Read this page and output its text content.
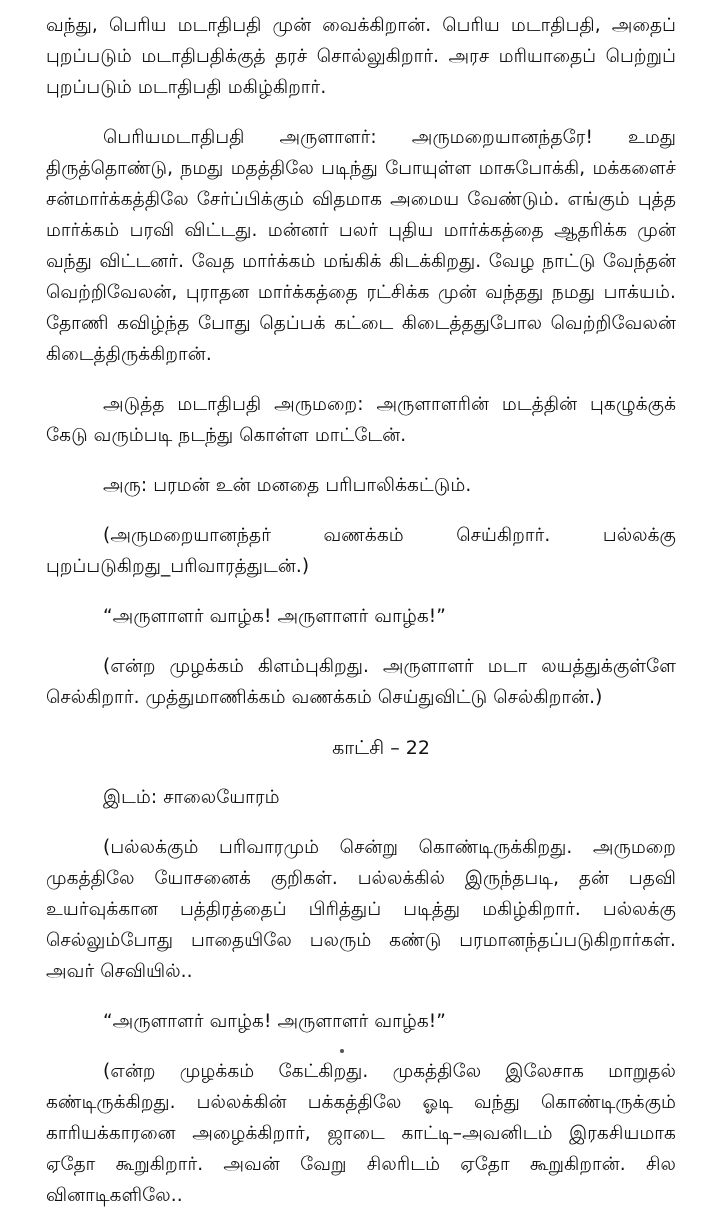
வந்து, பெரிய மடாதிபதி முன் வைக்கிறான். பெரிய மடாதிபதி, அதைப் புறப்படும் மடாதிபதிக்குத் தரச் சொல்லுகிறார். அரச மரியாதைப் பெற்றுப் புறப்படும் மடாதிபதி மகிழ்கிறார்.

பெரியமடாதிபதி அருளாளர்: அருமறையானந்தரே! உமது திருத்தொண்டு, நமது மதத்திலே படிந்து போயுள்ள மாசுபோக்கி, மக்களைச் சன்மார்க்கத்திலே சேர்ப்பிக்கும் விதமாக அமைய வேண்டும். எங்கும் புத்த மார்க்கம் பரவி விட்டது. மன்னர் பலர் புதிய மார்க்கத்தை ஆதரிக்க முன் வந்து விட்டனர். வேத மார்க்கம் மங்கிக் கிடக்கிறது. வேழ நாட்டு வேந்தன் வெற்றிவேலன், புராதன மார்க்கத்தை ரட்சிக்க முன் வந்தது நமது பாக்யம். தோணி கவிழ்ந்த போது தெப்பக் கட்டை கிடைத்ததுபோல வெற்றிவேலன் கிடைத்திருக்கிறான்.

அடுத்த மடாதிபதி அருமறை: அருளாளரின் மடத்தின் புகழுக்குக் கேடு வரும்படி நடந்து கொள்ள மாட்டேன்.

அரு: பரமன் உன் மனதை பரிபாலிக்கட்டும்.

(அருமறையானந்தர் வணக்கம் செய்கிறார். பல்லக்கு புறப்படுகிறது_பரிவாரத்துடன்.)

“அருளாளர் வாழ்க! அருளாளர் வாழ்க!”

(என்ற முழக்கம் கிளம்புகிறது. அருளாளர் மடா லயத்துக்குள்ளே செல்கிறார். முத்துமாணிக்கம் வணக்கம் செய்துவிட்டு செல்கிறான்.)

காட்சி – 22

இடம்: சாலையோரம்

(பல்லக்கும் பரிவாரமும் சென்று கொண்டிருக்கிறது. அருமறை முகத்திலே யோசனைக் குறிகள். பல்லக்கில் இருந்தபடி, தன் பதவி உயர்வுக்கான பத்திரத்தைப் பிரித்துப் படித்து மகிழ்கிறார். பல்லக்கு செல்லும்போது பாதையிலே பலரும் கண்டு பரமானந்தப்படுகிறார்கள். அவர் செவியில்..

“அருளாளர் வாழ்க! அருளாளர் வாழ்க!”

(என்ற முழக்கம் கேட்கிறது. முகத்திலே இலேசாக மாறுதல் கண்டிருக்கிறது. பல்லக்கின் பக்கத்திலே ஓடி வந்து கொண்டிருக்கும் காரியக்காரனை அழைக்கிறார், ஜாடை காட்டி–அவனிடம் இரகசியமாக ஏதோ கூறுகிறார். அவன் வேறு சிலரிடம் ஏதோ கூறுகிறான். சில வினாடிகளிலே..
